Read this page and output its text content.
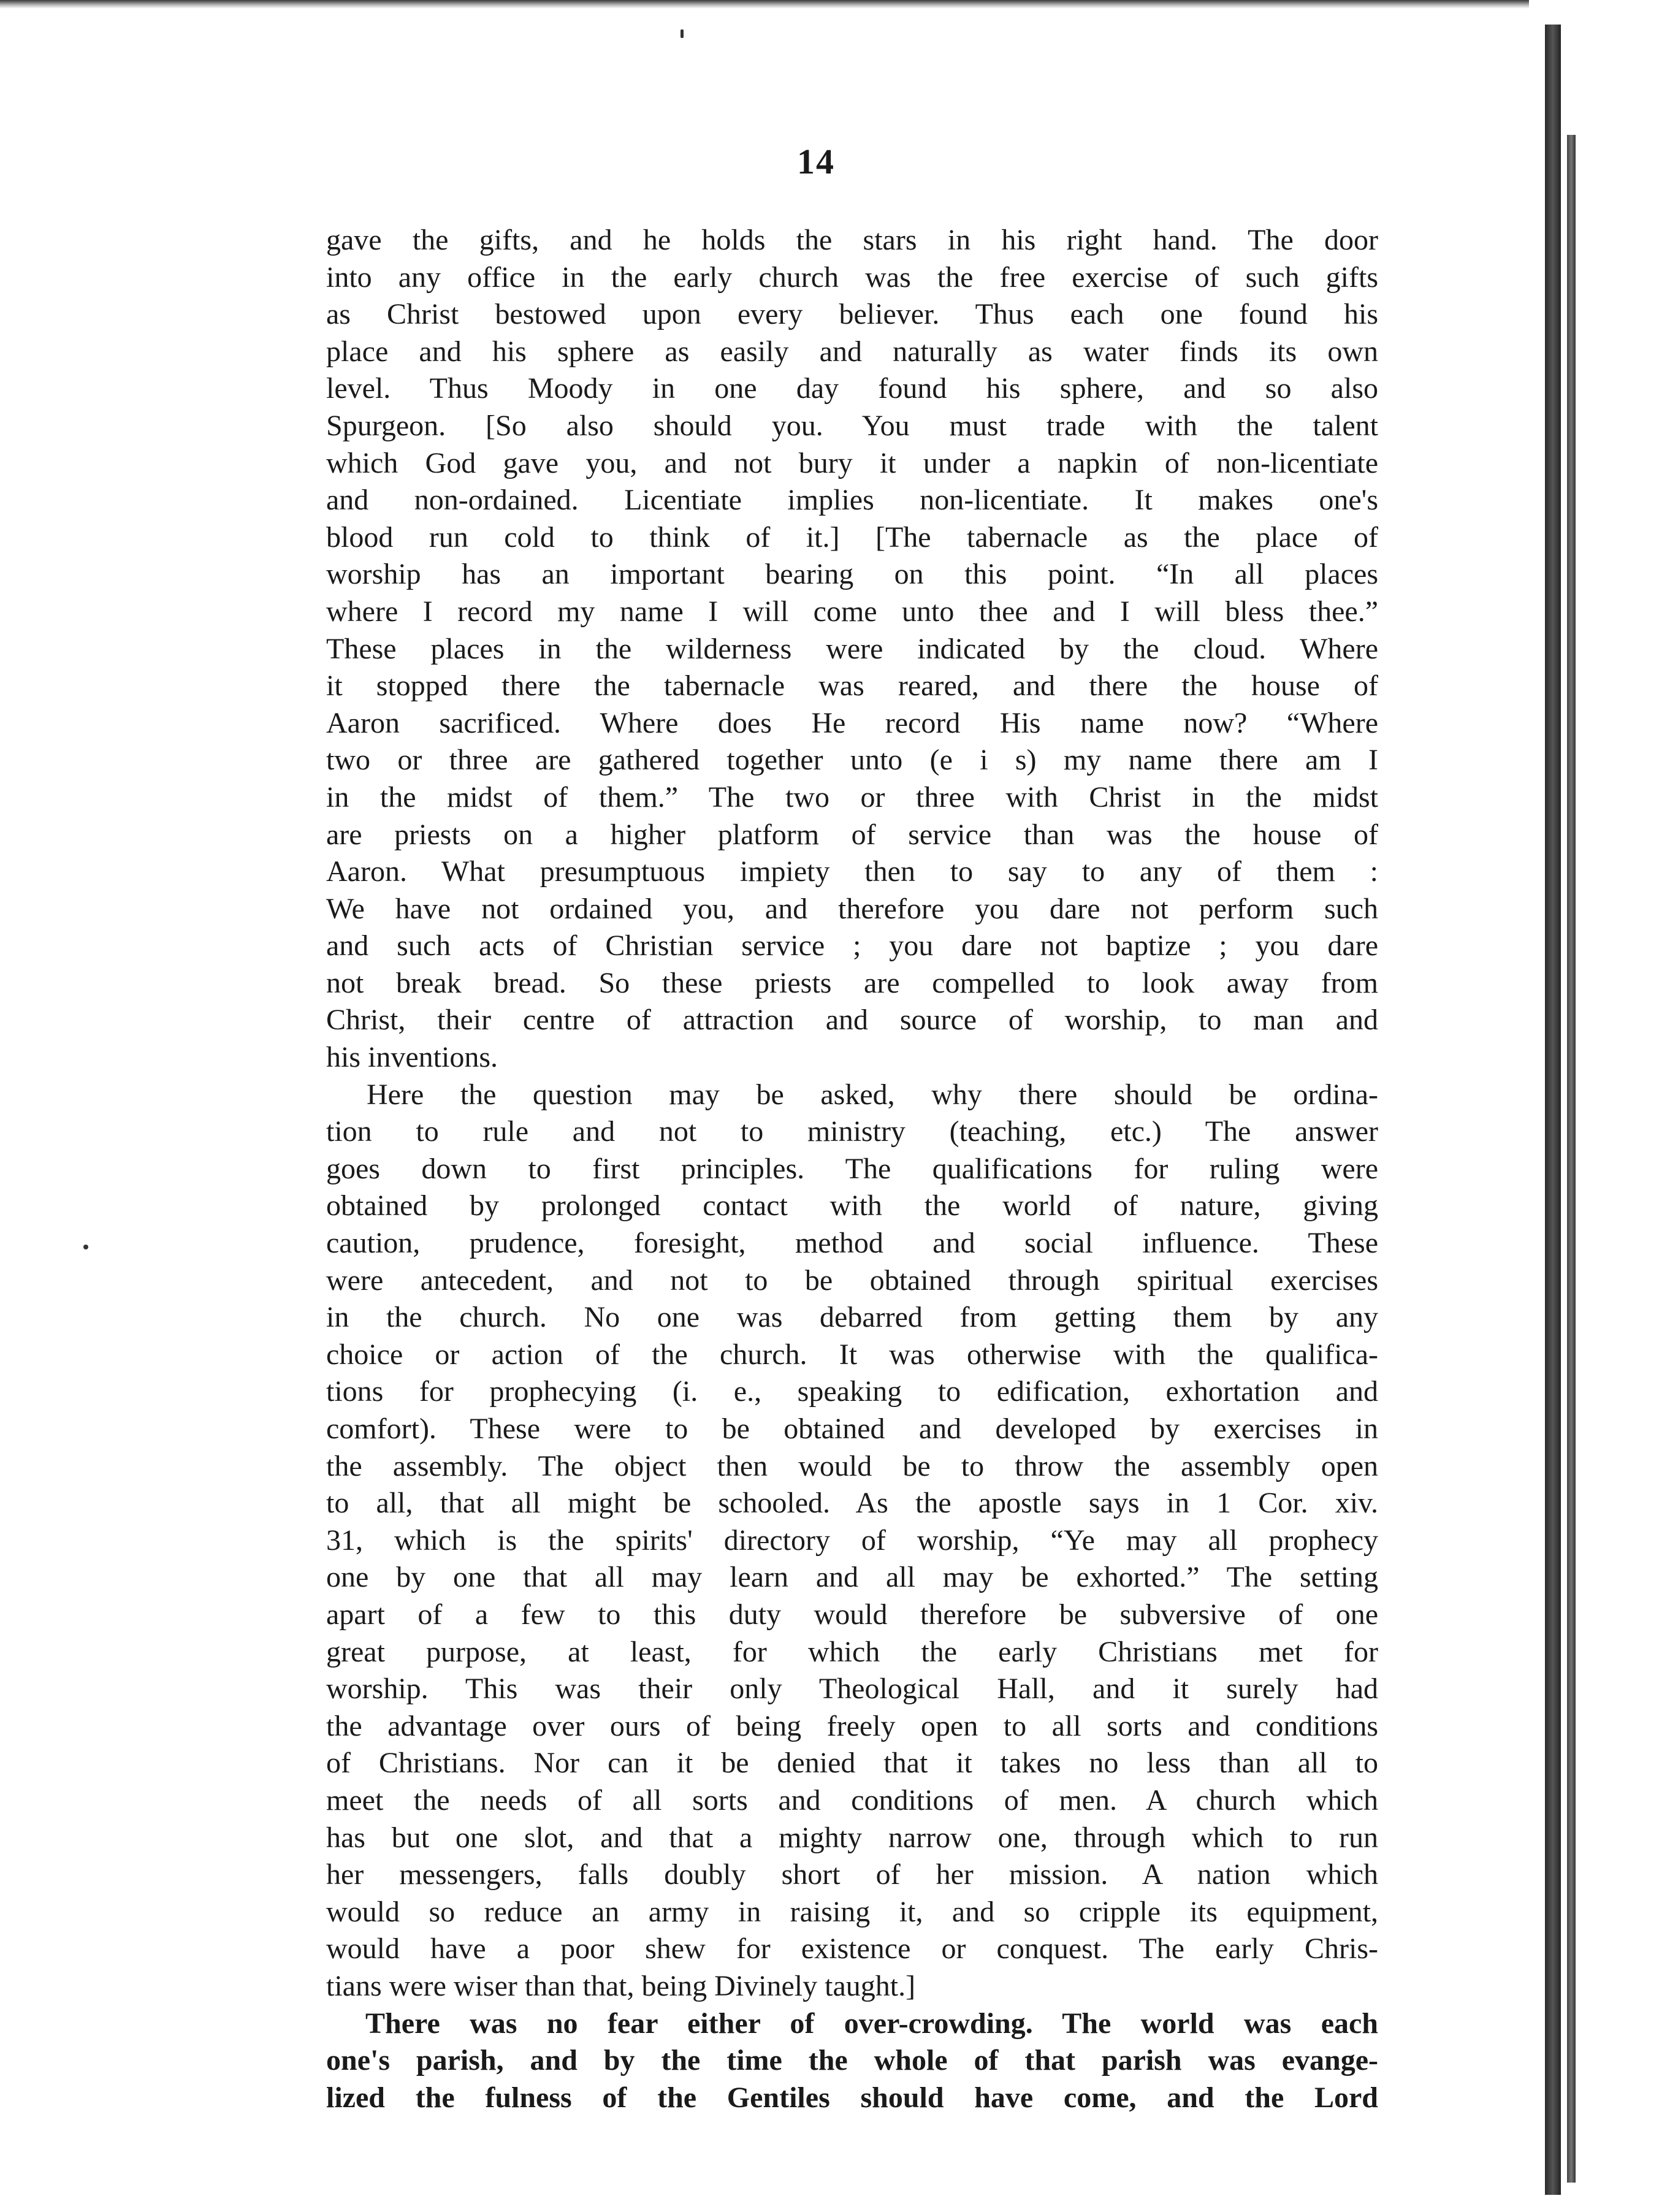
14
gave the gifts, and he holds the stars in his right hand. The door
into any office in the early church was the free exercise of such gifts
as Christ bestowed upon every believer. Thus each one found his
place and his sphere as easily and naturally as water finds its own
level. Thus Moody in one day found his sphere, and so also
Spurgeon. [So also should you. You must trade with the talent
which God gave you, and not bury it under a napkin of non-licentiate
and non-ordained. Licentiate implies non-licentiate. It makes one's
blood run cold to think of it.] [The tabernacle as the place of
worship has an important bearing on this point. “In all places
where I record my name I will come unto thee and I will bless thee.”
These places in the wilderness were indicated by the cloud. Where
it stopped there the tabernacle was reared, and there the house of
Aaron sacrificed. Where does He record His name now? “Where
two or three are gathered together unto (e i s) my name there am I
in the midst of them.” The two or three with Christ in the midst
are priests on a higher platform of service than was the house of
Aaron. What presumptuous impiety then to say to any of them :
We have not ordained you, and therefore you dare not perform such
and such acts of Christian service ; you dare not baptize ; you dare
not break bread. So these priests are compelled to look away from
Christ, their centre of attraction and source of worship, to man and
his inventions.
Here the question may be asked, why there should be ordina-
tion to rule and not to ministry (teaching, etc.) The answer
goes down to first principles. The qualifications for ruling were
obtained by prolonged contact with the world of nature, giving
caution, prudence, foresight, method and social influence. These
were antecedent, and not to be obtained through spiritual exercises
in the church. No one was debarred from getting them by any
choice or action of the church. It was otherwise with the qualifica-
tions for prophecying (i. e., speaking to edification, exhortation and
comfort). These were to be obtained and developed by exercises in
the assembly. The object then would be to throw the assembly open
to all, that all might be schooled. As the apostle says in 1 Cor. xiv.
31, which is the spirits' directory of worship, “Ye may all prophecy
one by one that all may learn and all may be exhorted.” The setting
apart of a few to this duty would therefore be subversive of one
great purpose, at least, for which the early Christians met for
worship. This was their only Theological Hall, and it surely had
the advantage over ours of being freely open to all sorts and conditions
of Christians. Nor can it be denied that it takes no less than all to
meet the needs of all sorts and conditions of men. A church which
has but one slot, and that a mighty narrow one, through which to run
her messengers, falls doubly short of her mission. A nation which
would so reduce an army in raising it, and so cripple its equipment,
would have a poor shew for existence or conquest. The early Chris-
tians were wiser than that, being Divinely taught.]
There was no fear either of over-crowding. The world was each
one's parish, and by the time the whole of that parish was evange-
lized the fulness of the Gentiles should have come, and the Lord
